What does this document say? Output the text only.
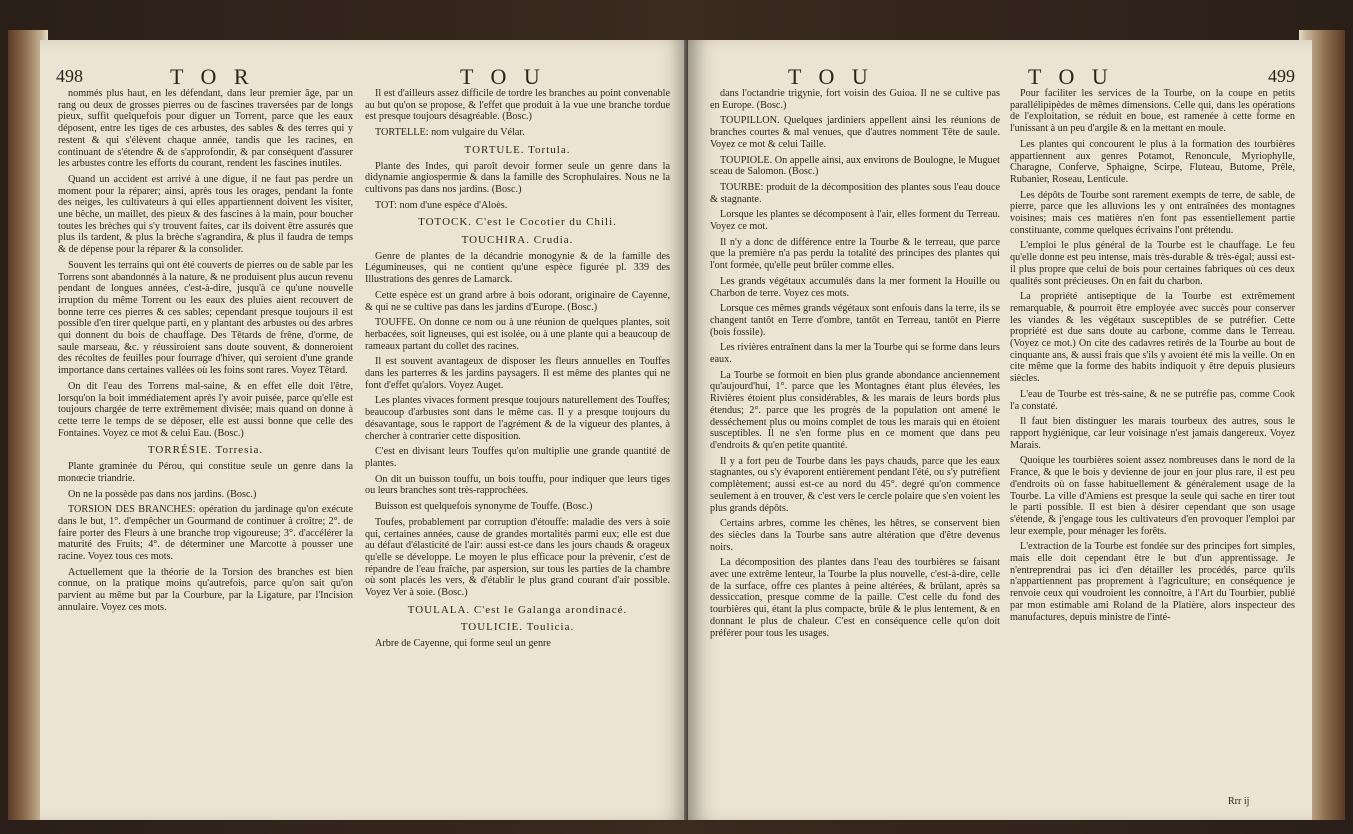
498	T O R	T O U

nommés plus haut, en les défendant, dans leur premier âge, par un rang ou deux de grosses pierres ou de fascines traversées par de longs pieux, suffit quelquefois pour diguer un Torrent, parce que les eaux déposent, entre les tiges de ces arbustes, des sables & des terres qui y restent & qui s'élèvent chaque année, tandis que les racines, en continuant de s'étendre & de s'approfondir, & par conséquent d'assurer les arbustes contre les efforts du courant, rendent les fascines inutiles.

Quand un accident est arrivé à une digue, il ne faut pas perdre un moment pour la réparer; ainsi, après tous les orages, pendant la fonte des neiges, les cultivateurs à qui elles appartiennent doivent les visiter, une bêche, un maillet, des pieux & des fascines à la main, pour boucher toutes les brèches qui s'y trouvent faites, car ils doivent être assurés que plus ils tardent, & plus la brèche s'agrandira, & plus il faudra de temps & de dépense pour la réparer & la consolider.

Souvent les terrains qui ont été couverts de pierres ou de sable par les Torrens sont abandonnés à la nature, & ne produisent plus aucun revenu pendant de longues années, c'est-à-dire, jusqu'à ce qu'une nouvelle irruption du même Torrent ou les eaux des pluies aient recouvert de bonne terre ces pierres & ces sables; cependant presque toujours il est possible d'en tirer quelque parti, en y plantant des arbustes ou des arbres qui donnent du bois de chauffage. Des Têtards de frêne, d'orme, de saule marseau, &c. y réussiroient sans doute souvent, & donneroient des récoltes de feuilles pour fourrage d'hiver, qui seroient d'une grande importance dans certaines vallées où les foins sont rares. Voyez Têtard.

On dit l'eau des Torrens mal-saine, & en effet elle doit l'être, lorsqu'on la boit immédiatement après l'y avoir puisée, parce qu'elle est toujours chargée de terre extrêmement divisée; mais quand on donne à cette terre le temps de se déposer, elle est aussi bonne que celle des Fontaines. Voyez ce mot & celui Eau. (Bosc.)

TORRÉSIE. Torresia.

Plante graminée du Pérou, qui constitue seule un genre dans la monœcie triandrie.

On ne la possède pas dans nos jardins. (Bosc.)

TORSION DES BRANCHES: opération du jardinage qu'on exécute dans le but, 1°. d'empêcher un Gourmand de continuer à croître; 2°. de faire porter des Fleurs à une branche trop vigoureuse; 3°. d'accélérer la maturité des Fruits; 4°. de déterminer une Marcotte à pousser une racine. Voyez tous ces mots.

Actuellement que la théorie de la Torsion des branches est bien connue, on la pratique moins qu'autrefois, parce qu'on sait qu'on parvient au même but par la Courbure, par la Ligature, par l'Incision annulaire. Voyez ces mots.

Il est d'ailleurs assez difficile de tordre les branches au point convenable au but qu'on se propose, & l'effet que produit à la vue une branche tordue est presque toujours désagréable. (Bosc.)

TORTELLE: nom vulgaire du Vélar.

TORTULE. Tortula.

Plante des Indes, qui paroît devoir former seule un genre dans la didynamie angiospermie & dans la famille des Scrophulaires. Nous ne la cultivons pas dans nos jardins. (Bosc.)

TOT: nom d'une espèce d'Aloès.

TOTOCK. C'est le Cocotier du Chili.
TOUCHIRA. Crudia.

Genre de plantes de la décandrie monogynie & de la famille des Légumineuses, qui ne contient qu'une espèce figurée pl. 339 des Illustrations des genres de Lamarck.

Cette espèce est un grand arbre à bois odorant, originaire de Cayenne, & qui ne se cultive pas dans les jardins d'Europe. (Bosc.)

TOUFFE. On donne ce nom ou à une réunion de quelques plantes, soit herbacées, soit ligneuses, qui est isolée, ou à une plante qui a beaucoup de rameaux partant du collet des racines.

Il est souvent avantageux de disposer les fleurs annuelles en Touffes dans les parterres & les jardins paysagers. Il est même des plantes qui ne font d'effet qu'alors. Voyez Auget.

Les plantes vivaces forment presque toujours naturellement des Touffes; beaucoup d'arbustes sont dans le même cas. Il y a presque toujours du désavantage, sous le rapport de l'agrément & de la vigueur des plantes, à chercher à contrarier cette disposition.

C'est en divisant leurs Touffes qu'on multiplie une grande quantité de plantes.

On dit un buisson touffu, un bois touffu, pour indiquer que leurs tiges ou leurs branches sont très-rapprochées.

Buisson est quelquefois synonyme de Touffe. (Bosc.)

Toufes, probablement par corruption d'étouffe: maladie des vers à soie qui, certaines années, cause de grandes mortalités parmi eux; elle est due au défaut d'élasticité de l'air: aussi est-ce dans les jours chauds & orageux qu'elle se développe. Le moyen le plus efficace pour la prévenir, c'est de répandre de l'eau fraîche, par aspersion, sur tous les parties de la chambre où sont placés les vers, & d'établir le plus grand courant d'air possible. Voyez Ver à soie. (Bosc.)

TOULALA. C'est le Galanga arondinacé.
TOULICIE. Toulicia.

Arbre de Cayenne, qui forme seul un genre

T O U	T O U	499

dans l'octandrie trigynie, fort voisin des Guioa. Il ne se cultive pas en Europe. (Bosc.)

TOUPILLON. Quelques jardiniers appellent ainsi les réunions de branches courtes & mal venues, que d'autres nomment Tête de saule. Voyez ce mot & celui Taille.

TOUPIOLE. On appelle ainsi, aux environs de Boulogne, le Muguet sceau de Salomon. (Bosc.)

TOURBE: produit de la décomposition des plantes sous l'eau douce & stagnante.

Lorsque les plantes se décomposent à l'air, elles forment du Terreau. Voyez ce mot.

Il n'y a donc de différence entre la Tourbe & le terreau, que parce que la première n'a pas perdu la totalité des principes des plantes qui l'ont formée, qu'elle peut brûler comme elles.

Les grands végétaux accumulés dans la mer forment la Houille ou Charbon de terre. Voyez ces mots.

Lorsque ces mêmes grands végétaux sont enfouis dans la terre, ils se changent tantôt en Terre d'ombre, tantôt en Terreau, tantôt en Pierre (bois fossile).

Les rivières entraînent dans la mer la Tourbe qui se forme dans leurs eaux.

La Tourbe se formoit en bien plus grande abondance anciennement qu'aujourd'hui, 1°. parce que les Montagnes étant plus élevées, les Rivières étoient plus considérables, & les marais de leurs bords plus étendus; 2°. parce que les progrès de la population ont amené le desséchement plus ou moins complet de tous les marais qui en étoient susceptibles. Il ne s'en forme plus en ce moment que dans peu d'endroits & qu'en petite quantité.

Il y a fort peu de Tourbe dans les pays chauds, parce que les eaux stagnantes, ou s'y évaporent entièrement pendant l'été, ou s'y putréfient complètement; aussi est-ce au nord du 45°. degré qu'on commence seulement à en trouver, & c'est vers le cercle polaire que s'en voient les plus grands dépôts.

Certains arbres, comme les chênes, les hêtres, se conservent bien des siècles dans la Tourbe sans autre altération que d'être devenus noirs.

La décomposition des plantes dans l'eau des tourbières se faisant avec une extrême lenteur, la Tourbe la plus nouvelle, c'est-à-dire, celle de la surface, offre ces plantes à peine altérées, & brûlant, après sa dessiccation, presque comme de la paille. C'est celle du fond des tourbières qui, étant la plus compacte, brûle & le plus lentement, & en donnant le plus de chaleur. C'est en conséquence celle qu'on doit préférer pour tous les usages.

Pour faciliter les services de la Tourbe, on la coupe en petits parallélipipèdes de mêmes dimensions. Celle qui, dans les opérations de l'exploitation, se réduit en boue, est ramenée à cette forme en l'unissant à un peu d'argile & en la mettant en moule.

Les plantes qui concourent le plus à la formation des tourbières appartiennent aux genres Potamot, Renoncule, Myriophylle, Charagne, Conferve, Sphaigne, Scirpe, Fluteau, Butome, Prêle, Rubanier, Roseau, Lenticule.

Les dépôts de Tourbe sont rarement exempts de terre, de sable, de pierre, parce que les alluvions les y ont entraînées des montagnes voisines; mais ces matières n'en font pas essentiellement partie constituante, comme quelques écrivains l'ont prétendu.

L'emploi le plus général de la Tourbe est le chauffage. Le feu qu'elle donne est peu intense, mais très-durable & très-égal; aussi est-il plus propre que celui de bois pour certaines fabriques où ces deux qualités sont précieuses. On en fait du charbon.

La propriété antiseptique de la Tourbe est extrêmement remarquable, & pourroit être employée avec succès pour conserver les viandes & les végétaux susceptibles de se putréfier. Cette propriété est due sans doute au carbone, comme dans le Terreau. (Voyez ce mot.) On cite des cadavres retirés de la Tourbe au bout de cinquante ans, & aussi frais que s'ils y avoient été mis la veille. On en cite même que la forme des habits indiquoit y être depuis plusieurs siècles.

L'eau de Tourbe est très-saine, & ne se putréfie pas, comme Cook l'a constaté.

Il faut bien distinguer les marais tourbeux des autres, sous le rapport hygiénique, car leur voisinage n'est jamais dangereux. Voyez Marais.

Quoique les tourbières soient assez nombreuses dans le nord de la France, & que le bois y devienne de jour en jour plus rare, il est peu d'endroits où on fasse habituellement & généralement usage de la Tourbe. La ville d'Amiens est presque la seule qui sache en tirer tout le parti possible. Il est bien à désirer cependant que son usage s'étende, & j'engage tous les cultivateurs d'en provoquer l'emploi par leur exemple, pour ménager les forêts.

L'extraction de la Tourbe est fondée sur des principes fort simples, mais elle doit cependant être le but d'un apprentissage. Je n'entreprendrai pas ici d'en détailler les procédés, parce qu'ils n'appartiennent pas proprement à l'agriculture; en conséquence je renvoie ceux qui voudroient les connoître, à l'Art du Tourbier, publié par mon estimable ami Roland de la Platière, alors inspecteur des manufactures, depuis ministre de l'inté-

Rrr ij
